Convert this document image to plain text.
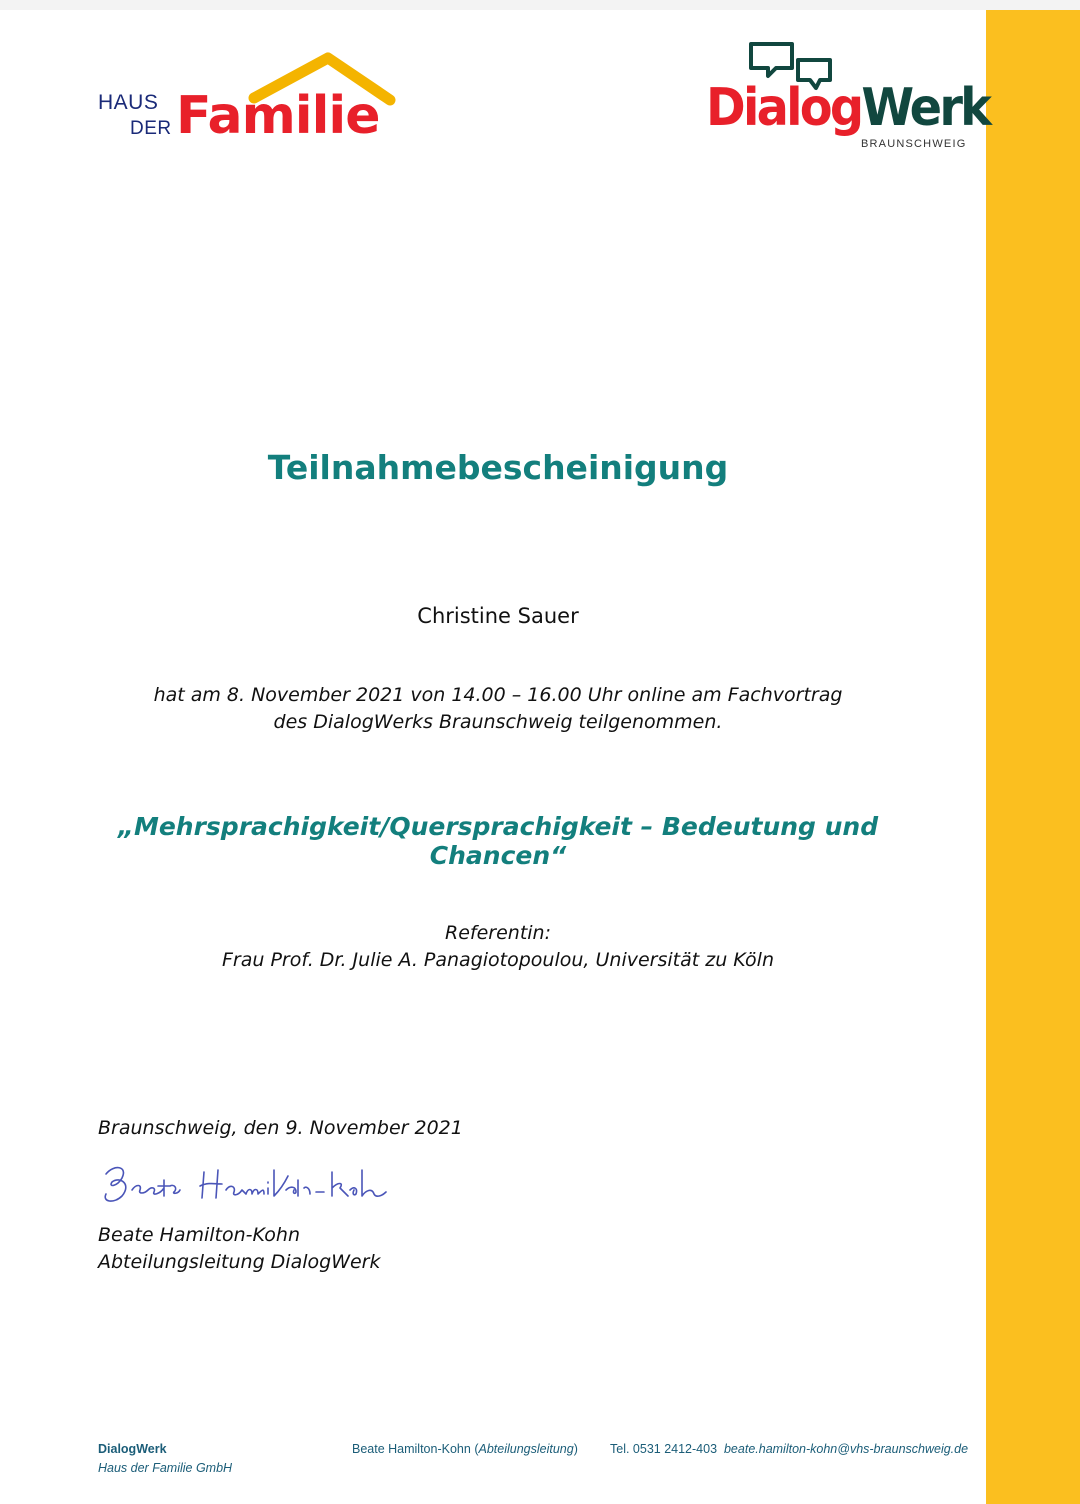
HAUS
DER Familie	DialogWerk
BRAUNSCHWEIG
Teilnahmebescheinigung
Christine Sauer
hat am 8. November 2021 von 14.00 – 16.00 Uhr online am Fachvortrag
des DialogWerks Braunschweig teilgenommen.
„Mehrsprachigkeit/Quersprachigkeit – Bedeutung und Chancen“
Referentin:
Frau Prof. Dr. Julie A. Panagiotopoulou, Universität zu Köln
Braunschweig, den 9. November 2021
Beate Hamilton-Kohn
Abteilungsleitung DialogWerk
DialogWerk
Haus der Familie GmbH
Beate Hamilton-Kohn (Abteilungsleitung)	Tel. 0531 2412-403 beate.hamilton-kohn@vhs-braunschweig.de
